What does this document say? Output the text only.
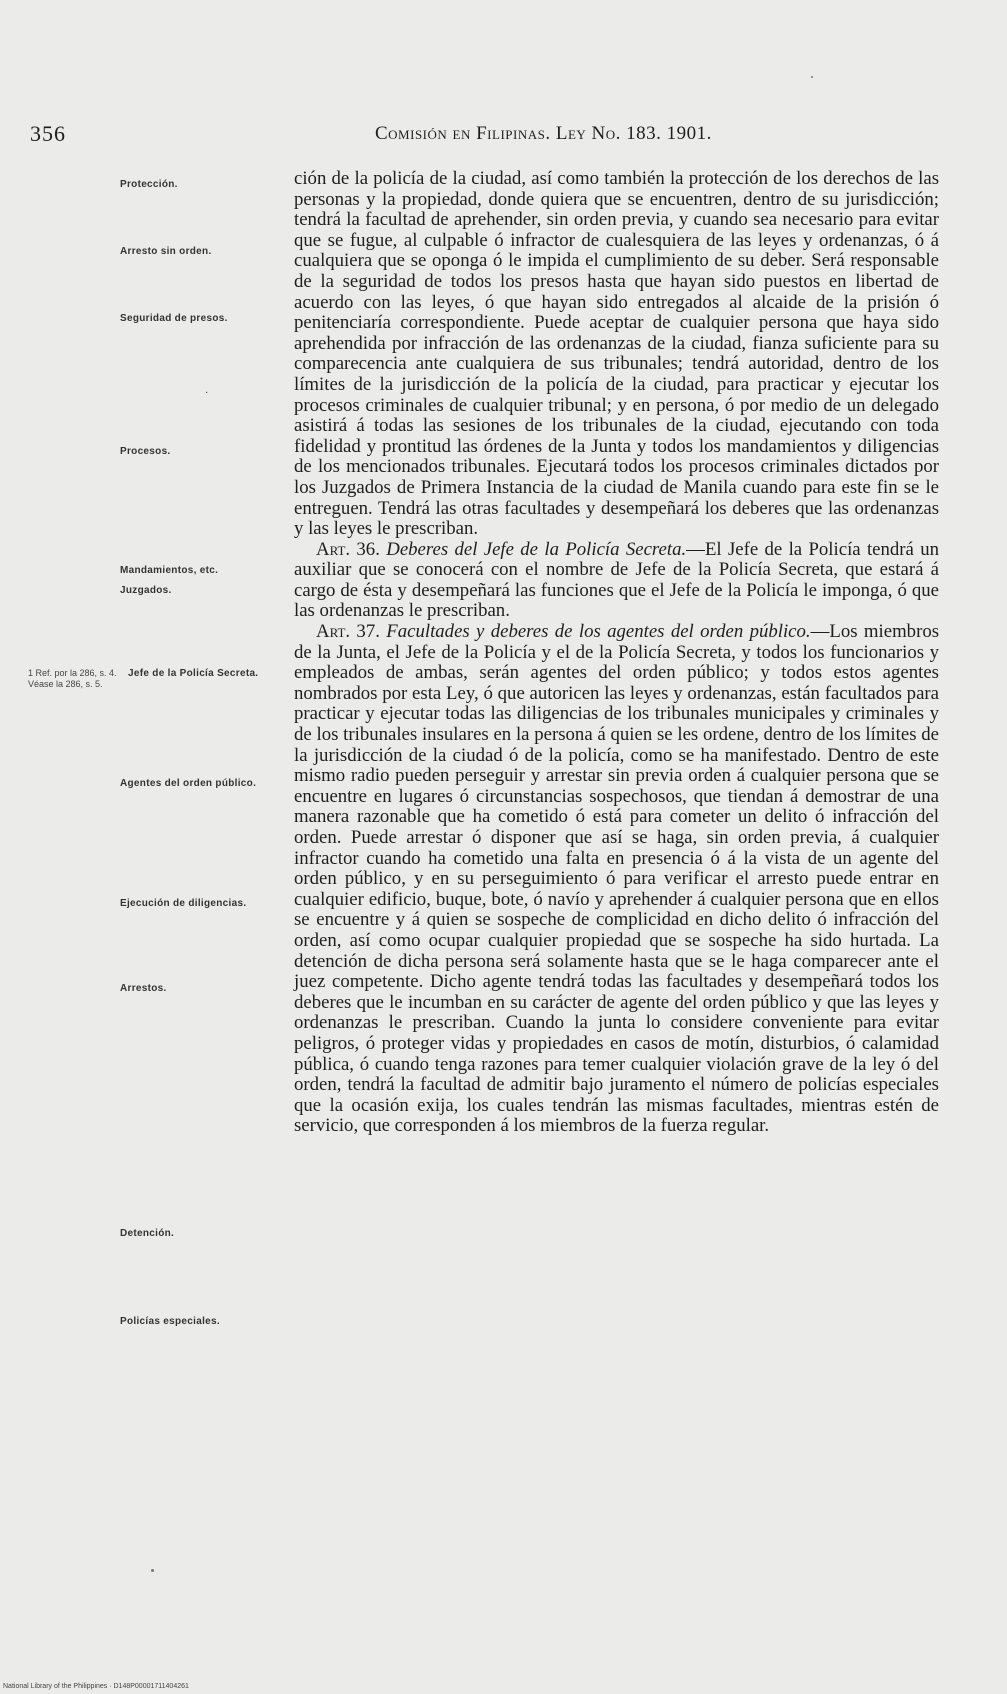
356	Comisión en Filipinas. Ley No. 183. 1901.
Protección.
Arresto sin orden.
Seguridad de presos.
·
Procesos.
Mandamientos, etc.
Juzgados.
Jefe de la Policía Secreta.
1 Ref. por la 286, s. 4. Véase la 286, s. 5.
Agentes del orden público.
Ejecución de diligencias.
Arrestos.
Detención.
Policías especiales.

ción de la policía de la ciudad, así como también la protección de los derechos de las personas y la propiedad, donde quiera que se encuentren, dentro de su jurisdicción; tendrá la facultad de aprehender, sin orden previa, y cuando sea necesario para evitar que se fugue, al culpable ó infractor de cualesquiera de las leyes y ordenanzas, ó á cualquiera que se oponga ó le impida el cumplimiento de su deber. Será responsable de la seguridad de todos los presos hasta que hayan sido puestos en libertad de acuerdo con las leyes, ó que hayan sido entregados al alcaide de la prisión ó penitenciaría correspondiente. Puede aceptar de cualquier persona que haya sido aprehendida por infracción de las ordenanzas de la ciudad, fianza suficiente para su comparecencia ante cualquiera de sus tribunales; tendrá autoridad, dentro de los límites de la jurisdicción de la policía de la ciudad, para practicar y ejecutar los procesos criminales de cualquier tribunal; y en persona, ó por medio de un delegado asistirá á todas las sesiones de los tribunales de la ciudad, ejecutando con toda fidelidad y prontitud las órdenes de la Junta y todos los mandamientos y diligencias de los mencionados tribunales. Ejecutará todos los procesos criminales dictados por los Juzgados de Primera Instancia de la ciudad de Manila cuando para este fin se le entreguen. Tendrá las otras facultades y desempeñará los deberes que las ordenanzas y las leyes le prescriban.

Art. 36. Deberes del Jefe de la Policía Secreta.—El Jefe de la Policía tendrá un auxiliar que se conocerá con el nombre de Jefe de la Policía Secreta, que estará á cargo de ésta y desempeñará las funciones que el Jefe de la Policía le imponga, ó que las ordenanzas le prescriban.

Art. 37. Facultades y deberes de los agentes del orden público.—Los miembros de la Junta, el Jefe de la Policía y el de la Policía Secreta, y todos los funcionarios y empleados de ambas, serán agentes del orden público; y todos estos agentes nombrados por esta Ley, ó que autoricen las leyes y ordenanzas, están facultados para practicar y ejecutar todas las diligencias de los tribunales municipales y criminales y de los tribunales insulares en la persona á quien se les ordene, dentro de los límites de la jurisdicción de la ciudad ó de la policía, como se ha manifestado. Dentro de este mismo radio pueden perseguir y arrestar sin previa orden á cualquier persona que se encuentre en lugares ó circunstancias sospechosos, que tiendan á demostrar de una manera razonable que ha cometido ó está para cometer un delito ó infracción del orden. Puede arrestar ó disponer que así se haga, sin orden previa, á cualquier infractor cuando ha cometido una falta en presencia ó á la vista de un agente del orden público, y en su perseguimiento ó para verificar el arresto puede entrar en cualquier edificio, buque, bote, ó navío y aprehender á cualquier persona que en ellos se encuentre y á quien se sospeche de complicidad en dicho delito ó infracción del orden, así como ocupar cualquier propiedad que se sospeche ha sido hurtada. La detención de dicha persona será solamente hasta que se le haga comparecer ante el juez competente. Dicho agente tendrá todas las facultades y desempeñará todos los deberes que le incumban en su carácter de agente del orden público y que las leyes y ordenanzas le prescriban. Cuando la junta lo considere conveniente para evitar peligros, ó proteger vidas y propiedades en casos de motín, disturbios, ó calamidad pública, ó cuando tenga razones para temer cualquier violación grave de la ley ó del orden, tendrá la facultad de admitir bajo juramento el número de policías especiales que la ocasión exija, los cuales tendrán las mismas facultades, mientras estén de servicio, que corresponden á los miembros de la fuerza regular.

National Library of the Philippines · D148P00001711404261
